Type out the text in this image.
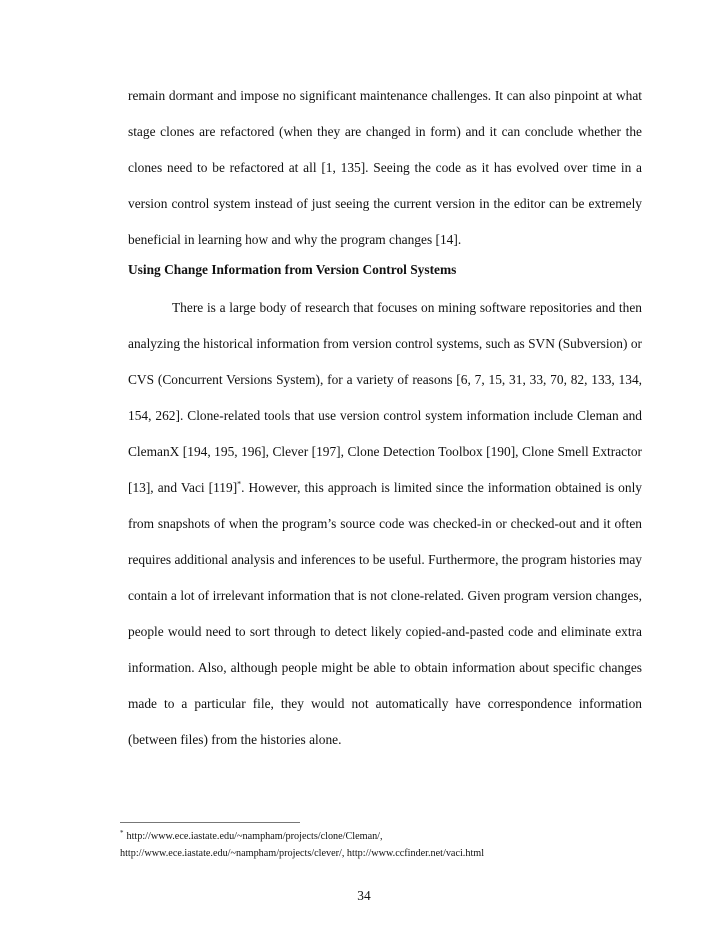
remain dormant and impose no significant maintenance challenges. It can also pinpoint at what stage clones are refactored (when they are changed in form) and it can conclude whether the clones need to be refactored at all [1, 135]. Seeing the code as it has evolved over time in a version control system instead of just seeing the current version in the editor can be extremely beneficial in learning how and why the program changes [14].

Using Change Information from Version Control Systems

There is a large body of research that focuses on mining software repositories and then analyzing the historical information from version control systems, such as SVN (Subversion) or CVS (Concurrent Versions System), for a variety of reasons [6, 7, 15, 31, 33, 70, 82, 133, 134, 154, 262]. Clone-related tools that use version control system information include Cleman and ClemanX [194, 195, 196], Clever [197], Clone Detection Toolbox [190], Clone Smell Extractor [13], and Vaci [119]*. However, this approach is limited since the information obtained is only from snapshots of when the program’s source code was checked-in or checked-out and it often requires additional analysis and inferences to be useful. Furthermore, the program histories may contain a lot of irrelevant information that is not clone-related. Given program version changes, people would need to sort through to detect likely copied-and-pasted code and eliminate extra information. Also, although people might be able to obtain information about specific changes made to a particular file, they would not automatically have correspondence information (between files) from the histories alone.

* http://www.ece.iastate.edu/~nampham/projects/clone/Cleman/,
http://www.ece.iastate.edu/~nampham/projects/clever/, http://www.ccfinder.net/vaci.html
34
